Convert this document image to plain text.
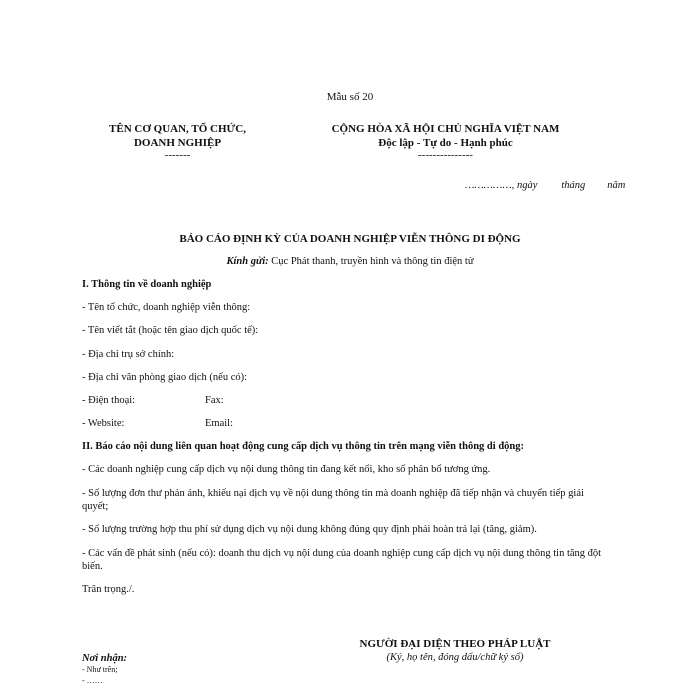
Mẫu số 20
TÊN CƠ QUAN, TỔ CHỨC,
DOANH NGHIỆP
-------
CỘNG HÒA XÃ HỘI CHỦ NGHĨA VIỆT NAM
Độc lập - Tự do - Hạnh phúc
---------------
……………, ngày tháng năm
BÁO CÁO ĐỊNH KỲ CỦA DOANH NGHIỆP VIỄN THÔNG DI ĐỘNG
Kính gửi: Cục Phát thanh, truyền hình và thông tin điện tử
I. Thông tin về doanh nghiệp
- Tên tổ chức, doanh nghiệp viễn thông:
- Tên viết tắt (hoặc tên giao dịch quốc tế):
- Địa chỉ trụ sở chính:
- Địa chỉ văn phòng giao dịch (nếu có):
- Điện thoại:	Fax:
- Website:	Email:
II. Báo cáo nội dung liên quan hoạt động cung cấp dịch vụ thông tin trên mạng viễn thông di động:
- Các doanh nghiệp cung cấp dịch vụ nội dung thông tin đang kết nối, kho số phân bổ tương ứng.
- Số lượng đơn thư phản ánh, khiếu nại dịch vụ về nội dung thông tin mà doanh nghiệp đã tiếp nhận và chuyển tiếp giải quyết;
- Số lượng trường hợp thu phí sử dụng dịch vụ nội dung không đúng quy định phải hoàn trả lại (tăng, giảm).
- Các vấn đề phát sinh (nếu có): doanh thu dịch vụ nội dung của doanh nghiệp cung cấp dịch vụ nội dung thông tin tăng đột biến.
Trân trọng./.
NGƯỜI ĐẠI DIỆN THEO PHÁP LUẬT
(Ký, họ tên, đóng dấu/chữ ký số)
Nơi nhận:
- Như trên;
- ……
